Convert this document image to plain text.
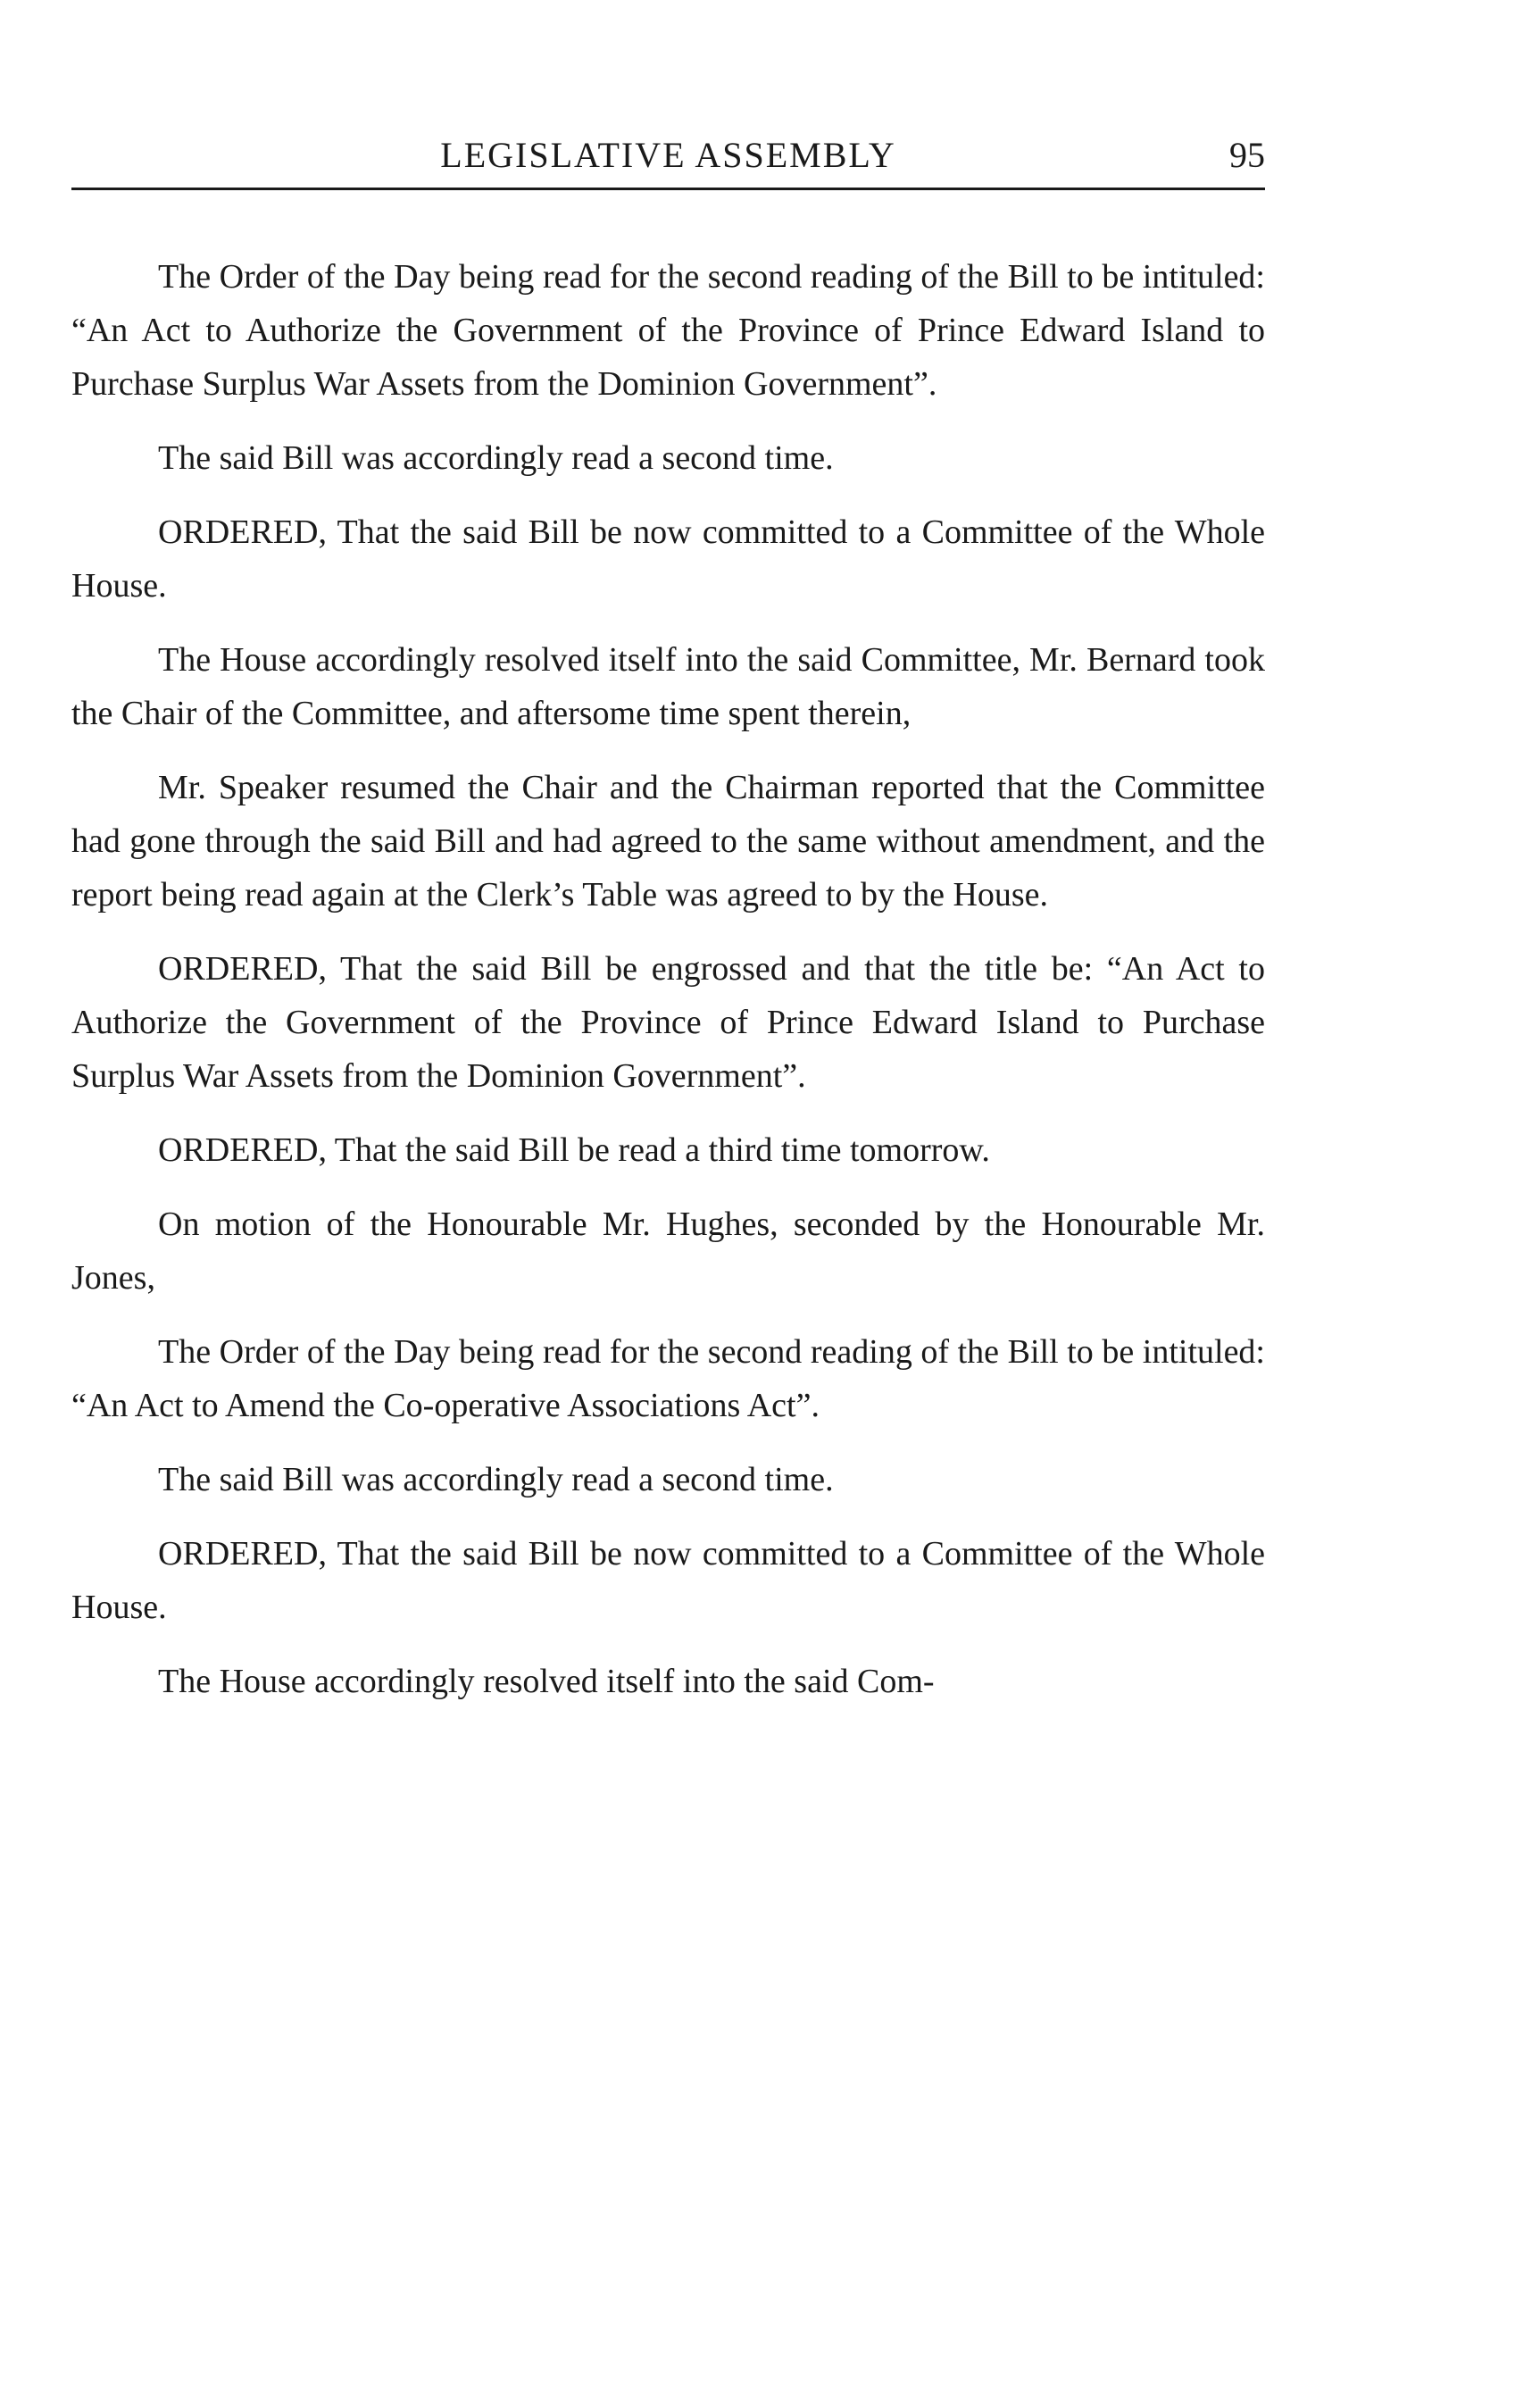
LEGISLATIVE ASSEMBLY	95

The Order of the Day being read for the second reading of the Bill to be intituled: “An Act to Authorize the Government of the Province of Prince Edward Island to Purchase Surplus War Assets from the Dominion Government”.

The said Bill was accordingly read a second time.

ORDERED, That the said Bill be now committed to a Committee of the Whole House.

The House accordingly resolved itself into the said Committee, Mr. Bernard took the Chair of the Committee, and aftersome time spent therein,

Mr. Speaker resumed the Chair and the Chairman reported that the Committee had gone through the said Bill and had agreed to the same without amendment, and the report being read again at the Clerk’s Table was agreed to by the House.

ORDERED, That the said Bill be engrossed and that the title be: “An Act to Authorize the Government of the Province of Prince Edward Island to Purchase Surplus War Assets from the Dominion Government”.

ORDERED, That the said Bill be read a third time tomorrow.

On motion of the Honourable Mr. Hughes, seconded by the Honourable Mr. Jones,

The Order of the Day being read for the second reading of the Bill to be intituled: “An Act to Amend the Co-operative Associations Act”.

The said Bill was accordingly read a second time.

ORDERED, That the said Bill be now committed to a Committee of the Whole House.

The House accordingly resolved itself into the said Com-
